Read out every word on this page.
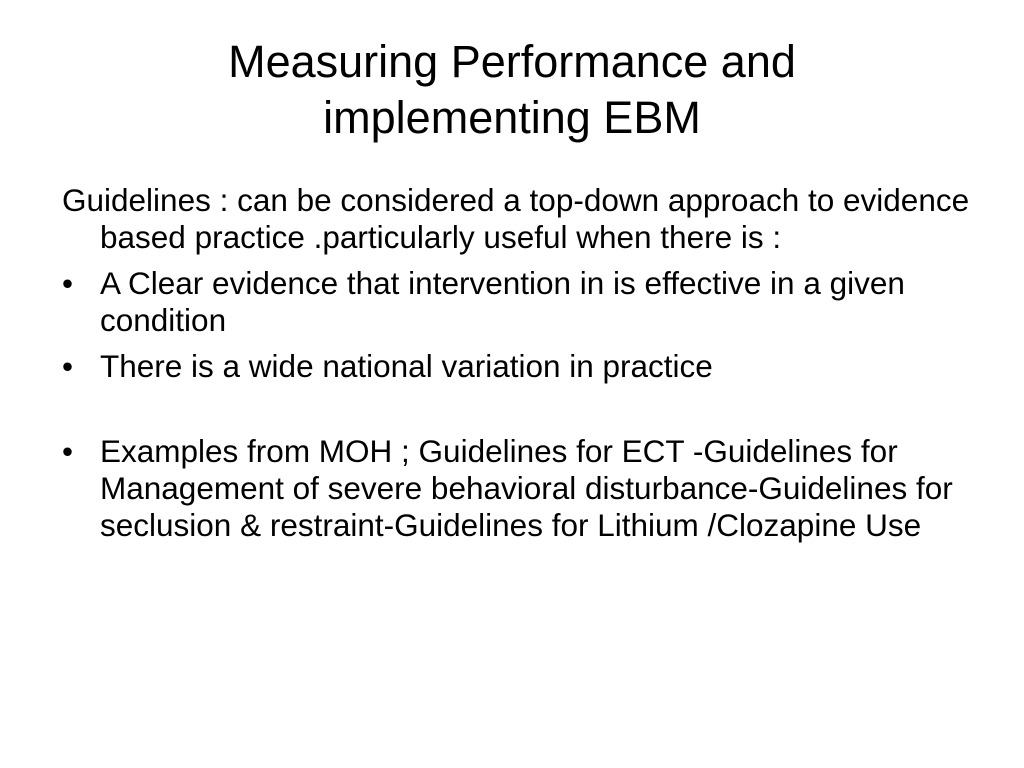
Measuring Performance and
implementing EBM

Guidelines : can be considered a top-down approach to evidence based practice .particularly useful when there is :

• A Clear evidence that intervention in is effective in a given condition
• There is a wide national variation in practice
• Examples from MOH ; Guidelines for ECT -Guidelines for Management of severe behavioral disturbance-Guidelines for seclusion & restraint-Guidelines for Lithium /Clozapine Use
